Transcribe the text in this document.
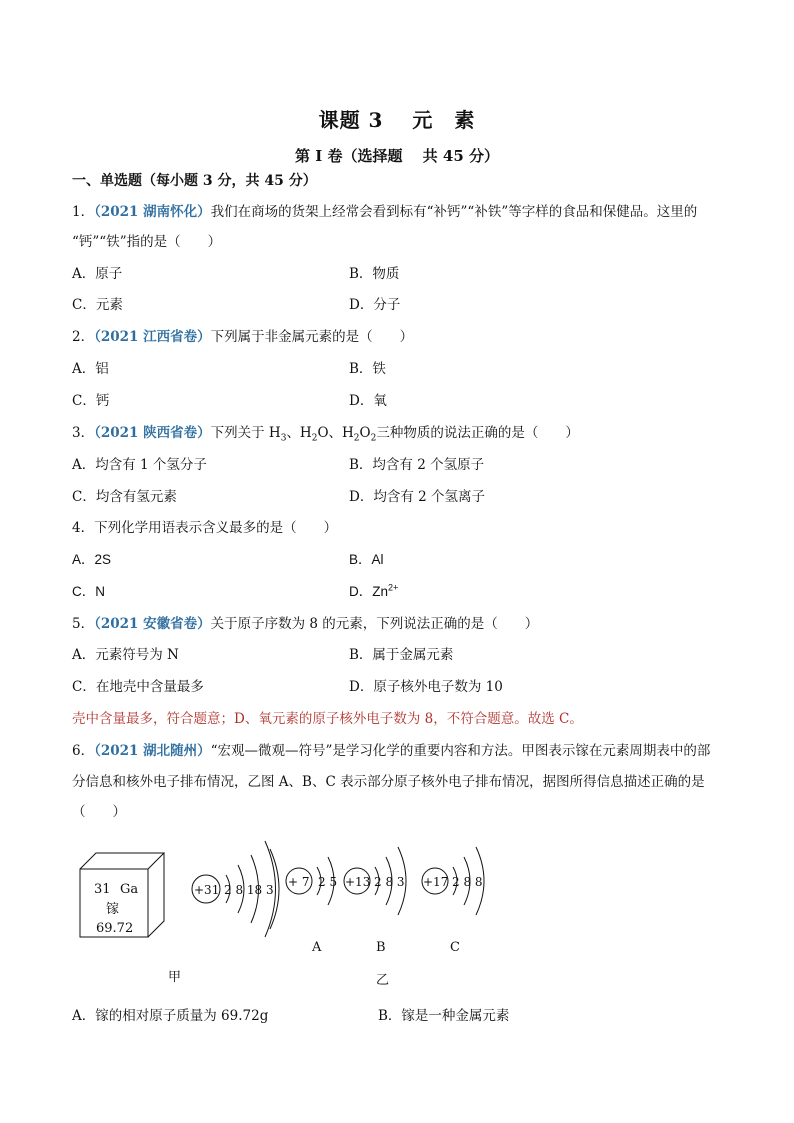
课题 3　 元　素
第 I 卷（选择题　 共 45 分）
一、单选题（每小题 3 分，共 45 分）
1．（2021 湖南怀化）我们在商场的货架上经常会看到标有“补钙”“补铁”等字样的食品和保健品。这里的
“钙”“铁”指的是（　　）
A．原子	B．物质
C．元素	D．分子
2．（2021 江西省卷）下列属于非金属元素的是（　　）
A．铝	B．铁
C．钙	D．氧
3．（2021 陕西省卷）下列关于 $H_3$、$H_2O$、$H_2O_2$三种物质的说法正确的是（　　）
A．均含有 1 个氢分子	B．均含有 2 个氢原子
C．均含有氢元素	D．均含有 2 个氢离子
4．下列化学用语表示含义最多的是（　　）
A．2S	B．Al
C．N	D．$Zn^{2+}$
5．（2021 安徽省卷）关于原子序数为 8 的元素，下列说法正确的是（　　）
A．元素符号为 N	B．属于金属元素
C．在地壳中含量最多	D．原子核外电子数为 10
壳中含量最多，符合题意；D、氧元素的原子核外电子数为 8，不符合题意。故选 C。
6．（2021 湖北随州）“宏观—微观—符号”是学习化学的重要内容和方法。甲图表示镓在元素周期表中的部
分信息和核外电子排布情况，乙图 A、B、C 表示部分原子核外电子排布情况，据图所得信息描述正确的是
（　　）
31 Ga
镓
69.72
+31 2 8 18 3
+ 7 2 5 +13 2 8 3 +17 2 8 8
A	B	C
甲	乙
A．镓的相对原子质量为 69.72g	B．镓是一种金属元素
